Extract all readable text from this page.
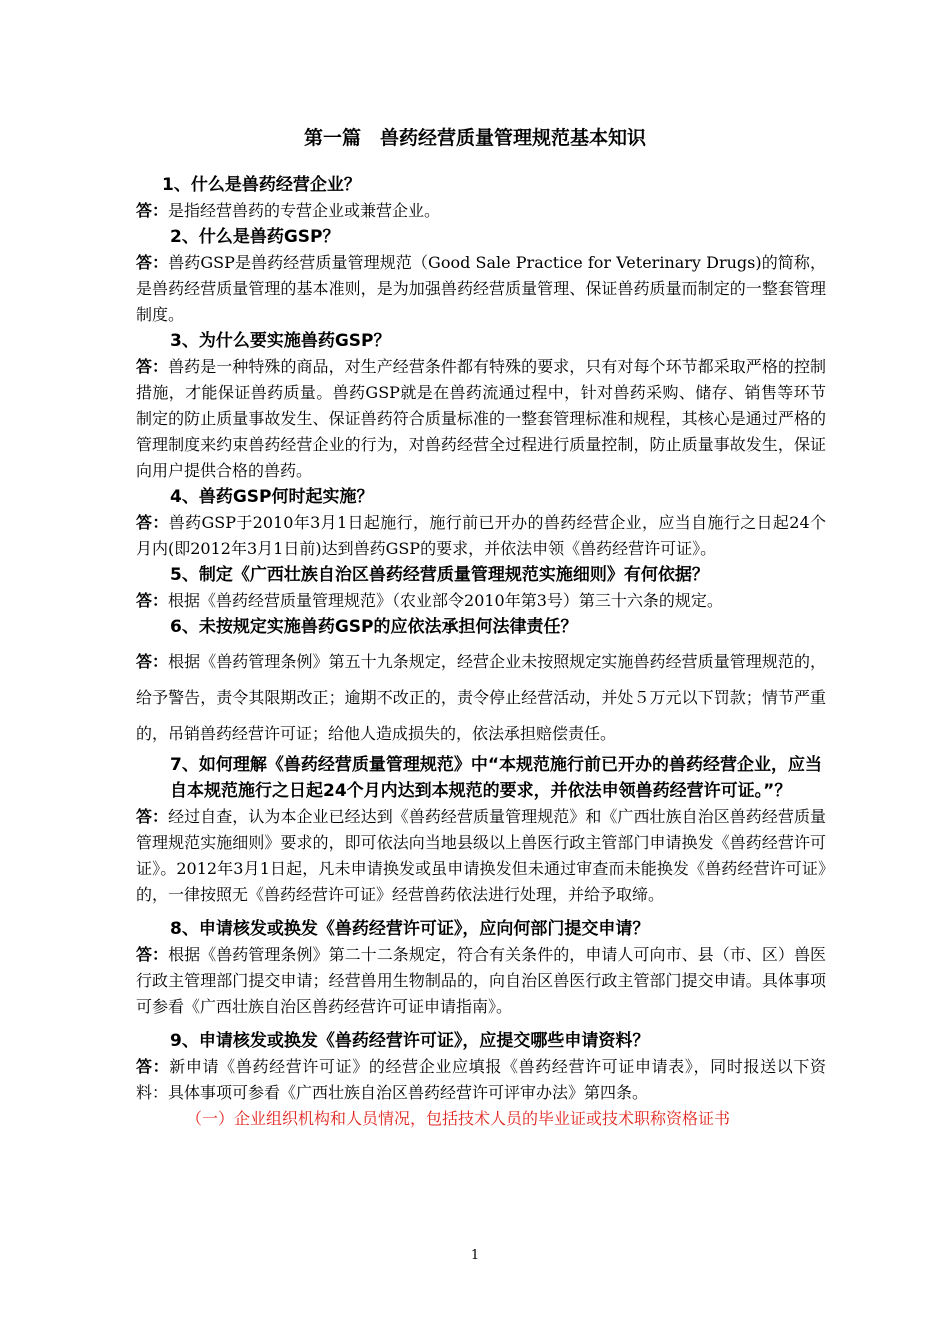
第一篇　兽药经营质量管理规范基本知识

1、什么是兽药经营企业？

答：是指经营兽药的专营企业或兼营企业。

2、什么是兽药GSP？

答：兽药GSP是兽药经营质量管理规范（Good Sale Practice for Veterinary Drugs)的简称，是兽药经营质量管理的基本准则，是为加强兽药经营质量管理、保证兽药质量而制定的一整套管理制度。

3、为什么要实施兽药GSP？

答：兽药是一种特殊的商品，对生产经营条件都有特殊的要求，只有对每个环节都采取严格的控制措施，才能保证兽药质量。兽药GSP就是在兽药流通过程中，针对兽药采购、储存、销售等环节制定的防止质量事故发生、保证兽药符合质量标准的一整套管理标准和规程，其核心是通过严格的管理制度来约束兽药经营企业的行为，对兽药经营全过程进行质量控制，防止质量事故发生，保证向用户提供合格的兽药。

4、兽药GSP何时起实施？

答：兽药GSP于2010年3月1日起施行，施行前已开办的兽药经营企业，应当自施行之日起24个月内(即2012年3月1日前)达到兽药GSP的要求，并依法申领《兽药经营许可证》。

5、制定《广西壮族自治区兽药经营质量管理规范实施细则》有何依据？

答：根据《兽药经营质量管理规范》（农业部令2010年第3号）第三十六条的规定。

6、未按规定实施兽药GSP的应依法承担何法律责任？

答：根据《兽药管理条例》第五十九条规定，经营企业未按照规定实施兽药经营质量管理规范的，给予警告，责令其限期改正；逾期不改正的，责令停止经营活动，并处５万元以下罚款；情节严重的，吊销兽药经营许可证；给他人造成损失的，依法承担赔偿责任。

7、如何理解《兽药经营质量管理规范》中“本规范施行前已开办的兽药经营企业，应当自本规范施行之日起24个月内达到本规范的要求，并依法申领兽药经营许可证。”？

答：经过自查，认为本企业已经达到《兽药经营质量管理规范》和《广西壮族自治区兽药经营质量管理规范实施细则》要求的，即可依法向当地县级以上兽医行政主管部门申请换发《兽药经营许可证》。2012年3月1日起，凡未申请换发或虽申请换发但未通过审查而未能换发《兽药经营许可证》的，一律按照无《兽药经营许可证》经营兽药依法进行处理，并给予取缔。

8、申请核发或换发《兽药经营许可证》，应向何部门提交申请？

答：根据《兽药管理条例》第二十二条规定，符合有关条件的，申请人可向市、县（市、区）兽医行政主管理部门提交申请；经营兽用生物制品的，向自治区兽医行政主管部门提交申请。具体事项可参看《广西壮族自治区兽药经营许可证申请指南》。

9、申请核发或换发《兽药经营许可证》，应提交哪些申请资料？

答：新申请《兽药经营许可证》的经营企业应填报《兽药经营许可证申请表》，同时报送以下资料：具体事项可参看《广西壮族自治区兽药经营许可评审办法》第四条。

（一）企业组织机构和人员情况，包括技术人员的毕业证或技术职称资格证书

1
